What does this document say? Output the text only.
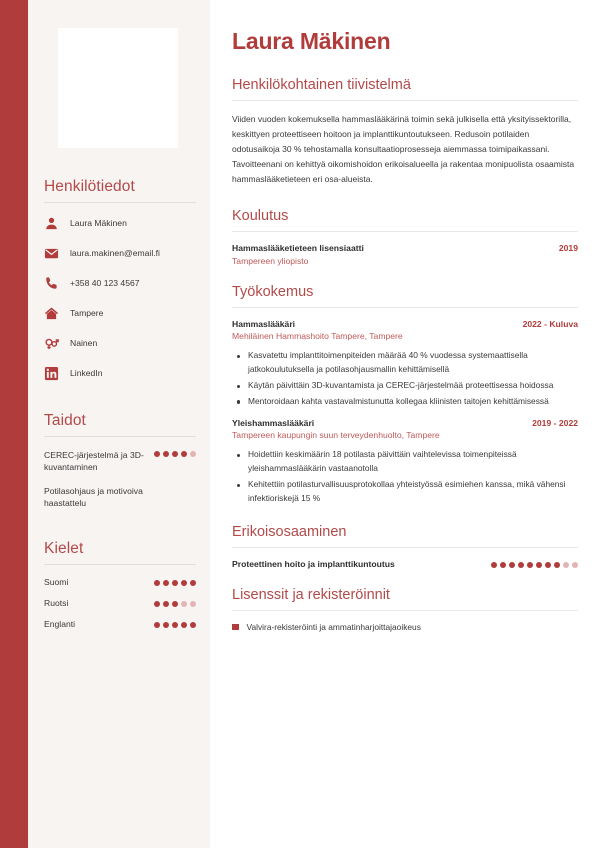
Henkilötiedot
Laura Mäkinen
laura.makinen@email.fi
+358 40 123 4567
Tampere
Nainen
LinkedIn
Taidot
CEREC-järjestelmä ja 3D-kuvantaminen
Potilasohjaus ja motivoiva haastattelu
Kielet
Suomi
Ruotsi
Englanti
Laura Mäkinen
Henkilökohtainen tiivistelmä

Viiden vuoden kokemuksella hammaslääkärinä toimin sekä julkisella että yksityissektorilla, keskittyen proteettiseen hoitoon ja implanttikuntoutukseen. Redusoin potilaiden odotusaikoja 30 % tehostamalla konsultaatioprosesseja aiemmassa toimipaikassani. Tavoitteenani on kehittyä oikomishoidon erikoisalueella ja rakentaa monipuolista osaamista hammaslääketieteen eri osa-alueista.

Koulutus
Hammaslääketieteen lisensiaatti	2019
Tampereen yliopisto
Työkokemus
Hammaslääkäri	2022 - Kuluva
Mehiläinen Hammashoito Tampere, Tampere
Kasvatettu implanttitoimenpiteiden määrää 40 % vuodessa systemaattisella jatkokoulutuksella ja potilasohjausmallin kehittämisellä
Käytän päivittäin 3D-kuvantamista ja CEREC-järjestelmää proteettisessa hoidossa
Mentoroidaan kahta vastavalmistunutta kollegaa kliinisten taitojen kehittämisessä
Yleishammaslääkäri	2019 - 2022
Tampereen kaupungin suun terveydenhuolto, Tampere
Hoidettiin keskimäärin 18 potilasta päivittäin vaihtelevissa toimenpiteissä yleishammaslääkärin vastaanotolla
Kehitettiin potilasturvallisuusprotokollaa yhteistyössä esimiehen kanssa, mikä vähensi infektioriskejä 15 %
Erikoisosaaminen
Proteettinen hoito ja implanttikuntoutus
Lisenssit ja rekisteröinnit
Valvira-rekisteröinti ja ammatinharjoittajaoikeus
